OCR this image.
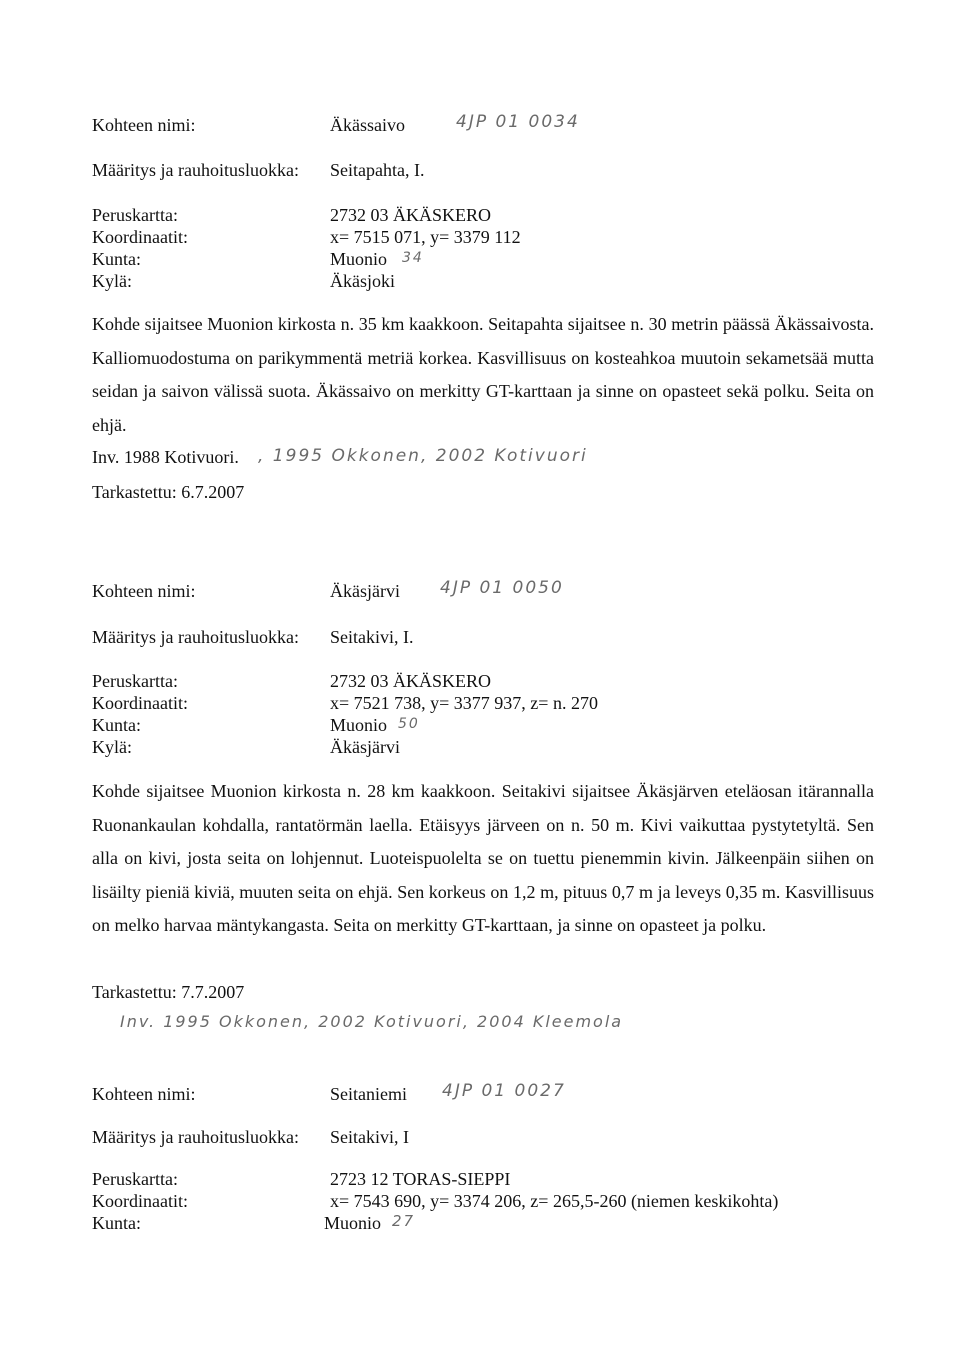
Kohteen nimi:	Äkässaivo	4JP 01 0034
Määritys ja rauhoitusluokka: Seitapahta, I.
Peruskartta:	2732 03 ÄKÄSKERO
Koordinaatit:	x= 7515 071, y= 3379 112
Kunta:	Muonio 34
Kylä:	Äkäsjoki

Kohde sijaitsee Muonion kirkosta n. 35 km kaakkoon. Seitapahta sijaitsee n. 30 metrin päässä Äkässaivosta. Kalliomuodostuma on parikymmentä metriä korkea. Kasvillisuus on kosteahkoa muutoin sekametsää mutta seidan ja saivon välissä suota. Äkässaivo on merkitty GT-karttaan ja sinne on opasteet sekä polku. Seita on ehjä.

Inv. 1988 Kotivuori. , 1995 Okkonen, 2002 Kotivuori
Tarkastettu: 6.7.2007
Kohteen nimi:	Äkäsjärvi 4JP 01 0050
Määritys ja rauhoitusluokka: Seitakivi, I.
Peruskartta:	2732 03 ÄKÄSKERO
Koordinaatit:	x= 7521 738, y= 3377 937, z= n. 270
Kunta:	Muonio 50
Kylä:	Äkäsjärvi

Kohde sijaitsee Muonion kirkosta n. 28 km kaakkoon. Seitakivi sijaitsee Äkäsjärven eteläosan itärannalla Ruonankaulan kohdalla, rantatörmän laella. Etäisyys järveen on n. 50 m. Kivi vaikuttaa pystytetyltä. Sen alla on kivi, josta seita on lohjennut. Luoteispuolelta se on tuettu pienemmin kivin. Jälkeenpäin siihen on lisäilty pieniä kiviä, muuten seita on ehjä. Sen korkeus on 1,2 m, pituus 0,7 m ja leveys 0,35 m. Kasvillisuus on melko harvaa mäntykangasta. Seita on merkitty GT-karttaan, ja sinne on opasteet ja polku.

Tarkastettu: 7.7.2007
Inv. 1995 Okkonen, 2002 Kotivuori, 2004 Kleemola
Kohteen nimi:	Seitaniemi 4JP 01 0027
Määritys ja rauhoitusluokka: Seitakivi, I
Peruskartta:	2723 12 TORAS-SIEPPI
Koordinaatit:	x= 7543 690, y= 3374 206, z= 265,5-260 (niemen keskikohta)
Kunta:	Muonio 27
